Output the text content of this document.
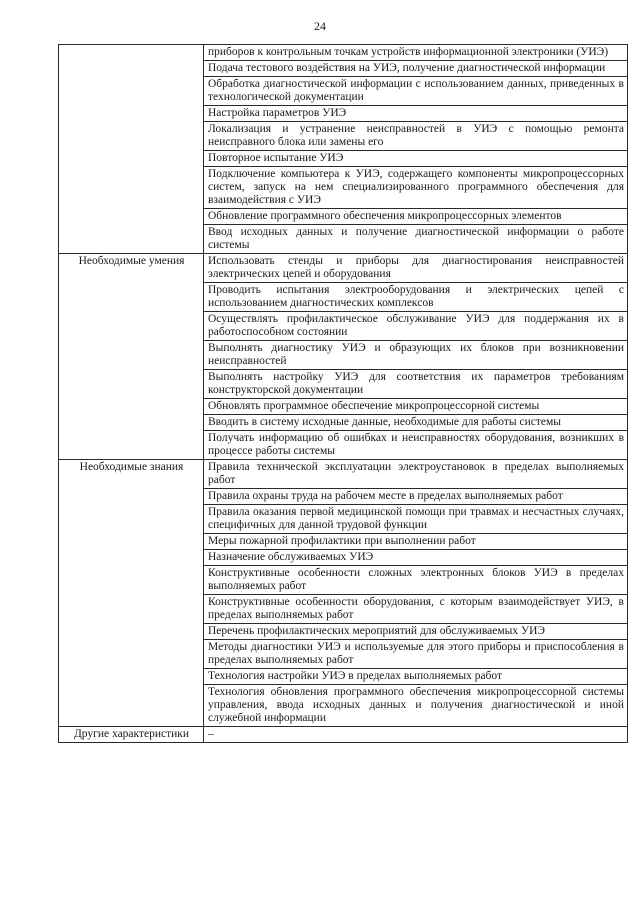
24
	приборов к контрольным точкам устройств информационной электроники (УИЭ)
	Подача тестового воздействия на УИЭ, получение диагностической информации
	Обработка диагностической информации с использованием данных, приведенных в технологической документации
	Настройка параметров УИЭ
	Локализация и устранение неисправностей в УИЭ с помощью ремонта неисправного блока или замены его
	Повторное испытание УИЭ
	Подключение компьютера к УИЭ, содержащего компоненты микропроцессорных систем, запуск на нем специализированного программного обеспечения для взаимодействия с УИЭ
	Обновление программного обеспечения микропроцессорных элементов
	Ввод исходных данных и получение диагностической информации о работе системы
Необходимые умения	Использовать стенды и приборы для диагностирования неисправностей электрических цепей и оборудования
	Проводить испытания электрооборудования и электрических цепей с использованием диагностических комплексов
	Осуществлять профилактическое обслуживание УИЭ для поддержания их в работоспособном состоянии
	Выполнять диагностику УИЭ и образующих их блоков при возникновении неисправностей
	Выполнять настройку УИЭ для соответствия их параметров требованиям конструкторской документации
	Обновлять программное обеспечение микропроцессорной системы
	Вводить в систему исходные данные, необходимые для работы системы
	Получать информацию об ошибках и неисправностях оборудования, возникших в процессе работы системы
Необходимые знания	Правила технической эксплуатации электроустановок в пределах выполняемых работ
	Правила охраны труда на рабочем месте в пределах выполняемых работ
	Правила оказания первой медицинской помощи при травмах и несчастных случаях, специфичных для данной трудовой функции
	Меры пожарной профилактики при выполнении работ
	Назначение обслуживаемых УИЭ
	Конструктивные особенности сложных электронных блоков УИЭ в пределах выполняемых работ
	Конструктивные особенности оборудования, с которым взаимодействует УИЭ, в пределах выполняемых работ
	Перечень профилактических мероприятий для обслуживаемых УИЭ
	Методы диагностики УИЭ и используемые для этого приборы и приспособления в пределах выполняемых работ
	Технология настройки УИЭ в пределах выполняемых работ
	Технология обновления программного обеспечения микропроцессорной системы управления, ввода исходных данных и получения диагностической и иной служебной информации
Другие характеристики	–
